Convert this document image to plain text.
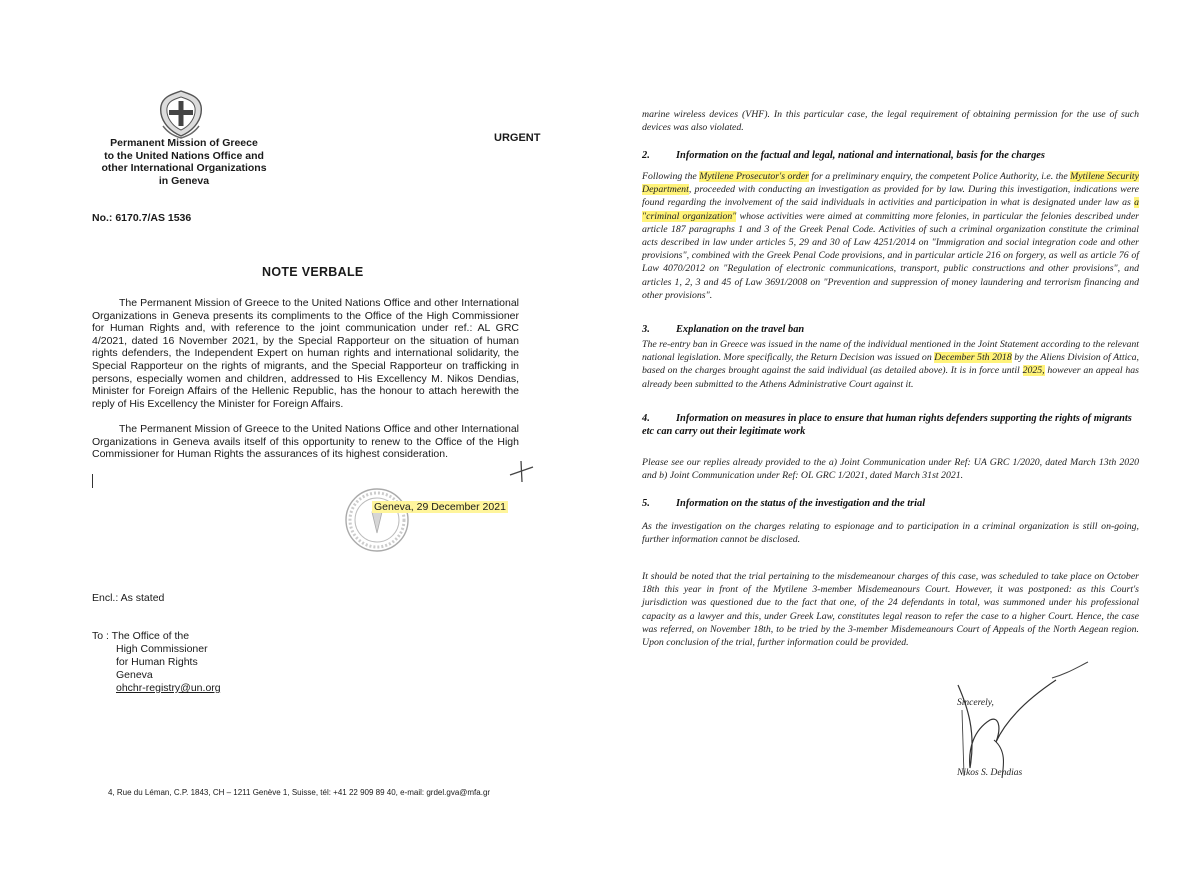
Permanent Mission of Greece
to the United Nations Office and
other International Organizations
in Geneva
URGENT
No.: 6170.7/AS 1536
NOTE VERBALE
The Permanent Mission of Greece to the United Nations Office and other International Organizations in Geneva presents its compliments to the Office of the High Commissioner for Human Rights and, with reference to the joint communication under ref.: AL GRC 4/2021, dated 16 November 2021, by the Special Rapporteur on the situation of human rights defenders, the Independent Expert on human rights and international solidarity, the Special Rapporteur on the rights of migrants, and the Special Rapporteur on trafficking in persons, especially women and children, addressed to His Excellency M. Nikos Dendias, Minister for Foreign Affairs of the Hellenic Republic, has the honour to attach herewith the reply of His Excellency the Minister for Foreign Affairs.
The Permanent Mission of Greece to the United Nations Office and other International Organizations in Geneva avails itself of this opportunity to renew to the Office of the High Commissioner for Human Rights the assurances of its highest consideration.
Geneva, 29 December 2021
Encl.: As stated
To : The Office of the
High Commissioner
for Human Rights
Geneva
ohchr-registry@un.org
4, Rue du Léman, C.P. 1843, CH – 1211 Genève 1, Suisse, tél: +41 22 909 89 40, e-mail: grdel.gva@mfa.gr
marine wireless devices (VHF). In this particular case, the legal requirement of obtaining permission for the use of such devices was also violated.
2.	Information on the factual and legal, national and international, basis for the charges
Following the Mytilene Prosecutor's order for a preliminary enquiry, the competent Police Authority, i.e. the Mytilene Security Department, proceeded with conducting an investigation as provided for by law. During this investigation, indications were found regarding the involvement of the said individuals in activities and participation in what is designated under law as a "criminal organization" whose activities were aimed at committing more felonies, in particular the felonies described under article 187 paragraphs 1 and 3 of the Greek Penal Code. Activities of such a criminal organization constitute the criminal acts described in law under articles 5, 29 and 30 of Law 4251/2014 on "Immigration and social integration code and other provisions", combined with the Greek Penal Code provisions, and in particular article 216 on forgery, as well as article 76 of Law 4070/2012 on "Regulation of electronic communications, transport, public constructions and other provisions", and articles 1, 2, 3 and 45 of Law 3691/2008 on "Prevention and suppression of money laundering and terrorism financing and other provisions".
3.	Explanation on the travel ban
The re-entry ban in Greece was issued in the name of the individual mentioned in the Joint Statement according to the relevant national legislation. More specifically, the Return Decision was issued on December 5th 2018 by the Aliens Division of Attica, based on the charges brought against the said individual (as detailed above). It is in force until 2025, however an appeal has already been submitted to the Athens Administrative Court against it.
4.	Information on measures in place to ensure that human rights defenders supporting the rights of migrants etc can carry out their legitimate work
Please see our replies already provided to the a) Joint Communication under Ref: UA GRC 1/2020, dated March 13th 2020 and b) Joint Communication under Ref: OL GRC 1/2021, dated March 31st 2021.
5.	Information on the status of the investigation and the trial
As the investigation on the charges relating to espionage and to participation in a criminal organization is still on-going, further information cannot be disclosed.
It should be noted that the trial pertaining to the misdemeanour charges of this case, was scheduled to take place on October 18th this year in front of the Mytilene 3-member Misdemeanours Court. However, it was postponed: as this Court's jurisdiction was questioned due to the fact that one, of the 24 defendants in total, was summoned under his professional capacity as a lawyer and this, under Greek Law, constitutes legal reason to refer the case to a higher Court. Hence, the case was referred, on November 18th, to be tried by the 3-member Misdemeanours Court of Appeals of the North Aegean region. Upon conclusion of the trial, further information could be provided.
Sincerely,
Nikos S. Dendias
